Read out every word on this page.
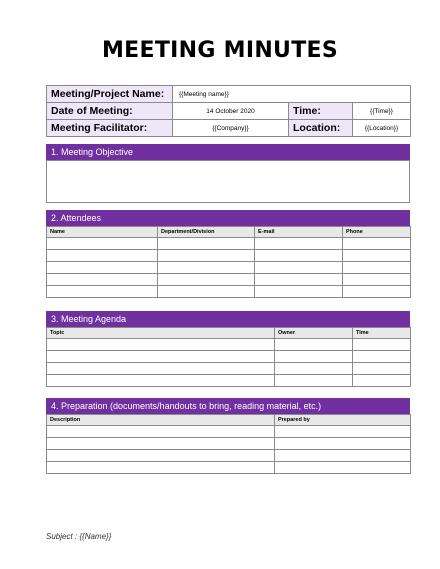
MEETING MINUTES
Meeting/Project Name:	{{Meeting name}}		
Date of Meeting:	14 October 2020	Time:	{{Time}}
Meeting Facilitator:	{{Company}}	Location:	{{Location}}
1. Meeting Objective
2. Attendees
Name	Department/Division	E-mail	Phone

3. Meeting Agenda
Topic	Owner	Time

4. Preparation (documents/handouts to bring, reading material, etc.)
Description	Prepared by

Subject : {{Name}}
